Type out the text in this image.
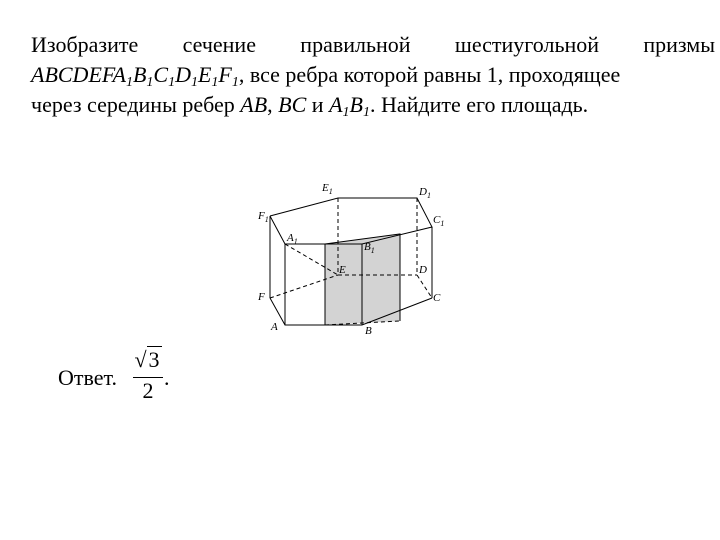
Изобразите сечение правильной шестиугольной призмы
$ABCDEFA_1B_1C_1D_1E_1F_1$, все ребра которой равны 1, проходящее
через середины ребер AB, BC и $A_1B_1$. Найдите его площадь.
$E_1$	$D_1$
$F_1$	$C_1$
$A_1$	$B_1$
E	D
F	C
A	B
Ответ.
√3
2
.
